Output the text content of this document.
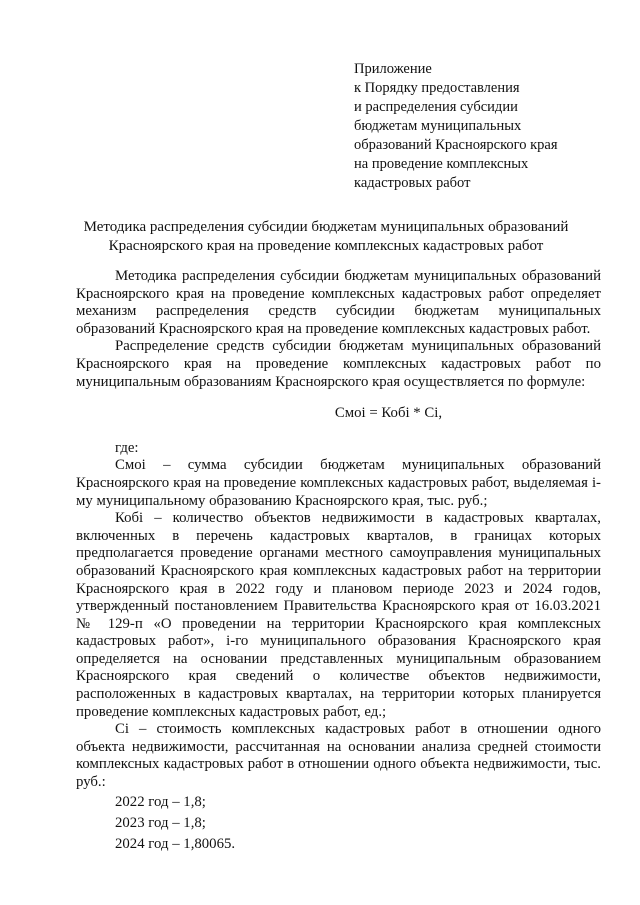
Приложение
к Порядку предоставления
и распределения субсидии
бюджетам муниципальных
образований Красноярского края
на проведение комплексных
кадастровых работ
Методика распределения субсидии бюджетам муниципальных образований
Красноярского края на проведение комплексных кадастровых работ

Методика распределения субсидии бюджетам муниципальных образований Красноярского края на проведение комплексных кадастровых работ определяет механизм распределения средств субсидии бюджетам муниципальных образований Красноярского края на проведение комплексных кадастровых работ.

Распределение средств субсидии бюджетам муниципальных образований Красноярского края на проведение комплексных кадастровых работ по муниципальным образованиям Красноярского края осуществляется по формуле:

Смоi = Кобi * Сi,

где:

Смоi – сумма субсидии бюджетам муниципальных образований Красноярского края на проведение комплексных кадастровых работ, выделяемая i-му муниципальному образованию Красноярского края, тыс. руб.;

Кобi – количество объектов недвижимости в кадастровых кварталах, включенных в перечень кадастровых кварталов, в границах которых предполагается проведение органами местного самоуправления муниципальных образований Красноярского края комплексных кадастровых работ на территории Красноярского края в 2022 году и плановом периоде 2023 и 2024 годов, утвержденный постановлением Правительства Красноярского края от 16.03.2021 № 129-п «О проведении на территории Красноярского края комплексных кадастровых работ», i-го муниципального образования Красноярского края определяется на основании представленных муниципальным образованием Красноярского края сведений о количестве объектов недвижимости, расположенных в кадастровых кварталах, на территории которых планируется проведение комплексных кадастровых работ, ед.;

Сi – стоимость комплексных кадастровых работ в отношении одного объекта недвижимости, рассчитанная на основании анализа средней стоимости комплексных кадастровых работ в отношении одного объекта недвижимости, тыс. руб.:

2022 год – 1,8;

2023 год – 1,8;

2024 год – 1,80065.
